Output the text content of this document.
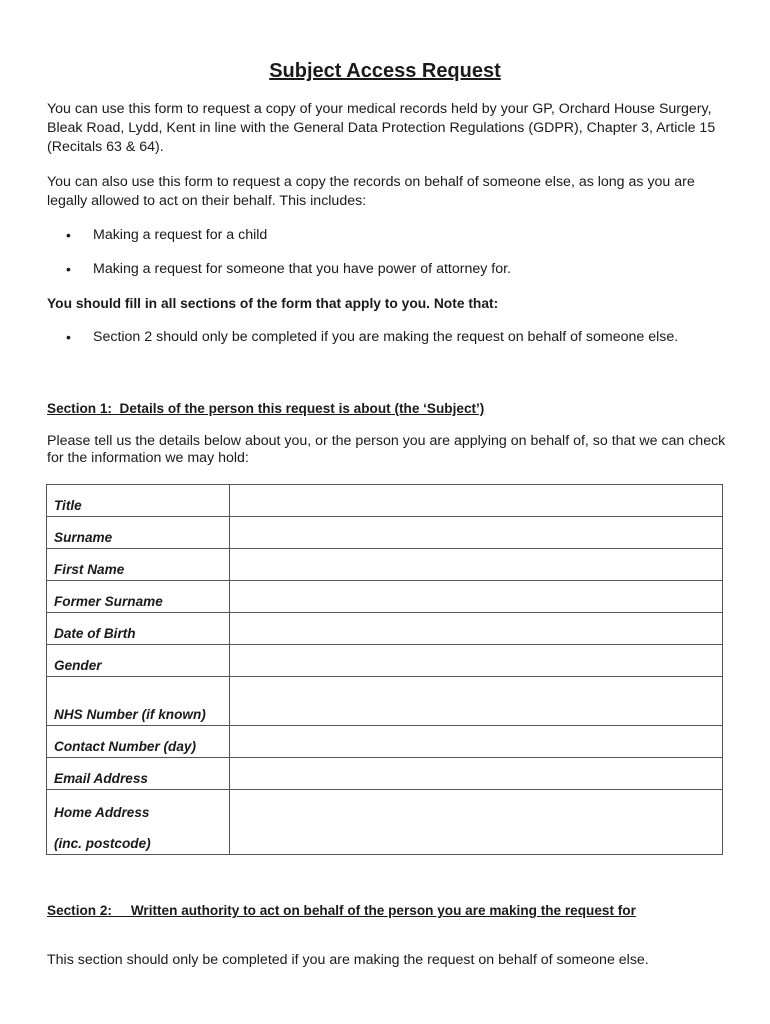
Subject Access Request

You can use this form to request a copy of your medical records held by your GP, Orchard House Surgery, Bleak Road, Lydd, Kent in line with the General Data Protection Regulations (GDPR), Chapter 3, Article 15 (Recitals 63 & 64).

You can also use this form to request a copy the records on behalf of someone else, as long as you are legally allowed to act on their behalf. This includes:

• Making a request for a child
• Making a request for someone that you have power of attorney for.

You should fill in all sections of the form that apply to you. Note that:

• Section 2 should only be completed if you are making the request on behalf of someone else.
Section 1:  Details of the person this request is about (the ‘Subject’)

Please tell us the details below about you, or the person you are applying on behalf of, so that we can check for the information we may hold:

Title	
Surname	
First Name	
Former Surname	
Date of Birth	
Gender	
NHS Number (if known)	
Contact Number (day)	
Email Address	

Home Address
(inc. postcode)	

Section 2:     Written authority to act on behalf of the person you are making the request for

This section should only be completed if you are making the request on behalf of someone else.
